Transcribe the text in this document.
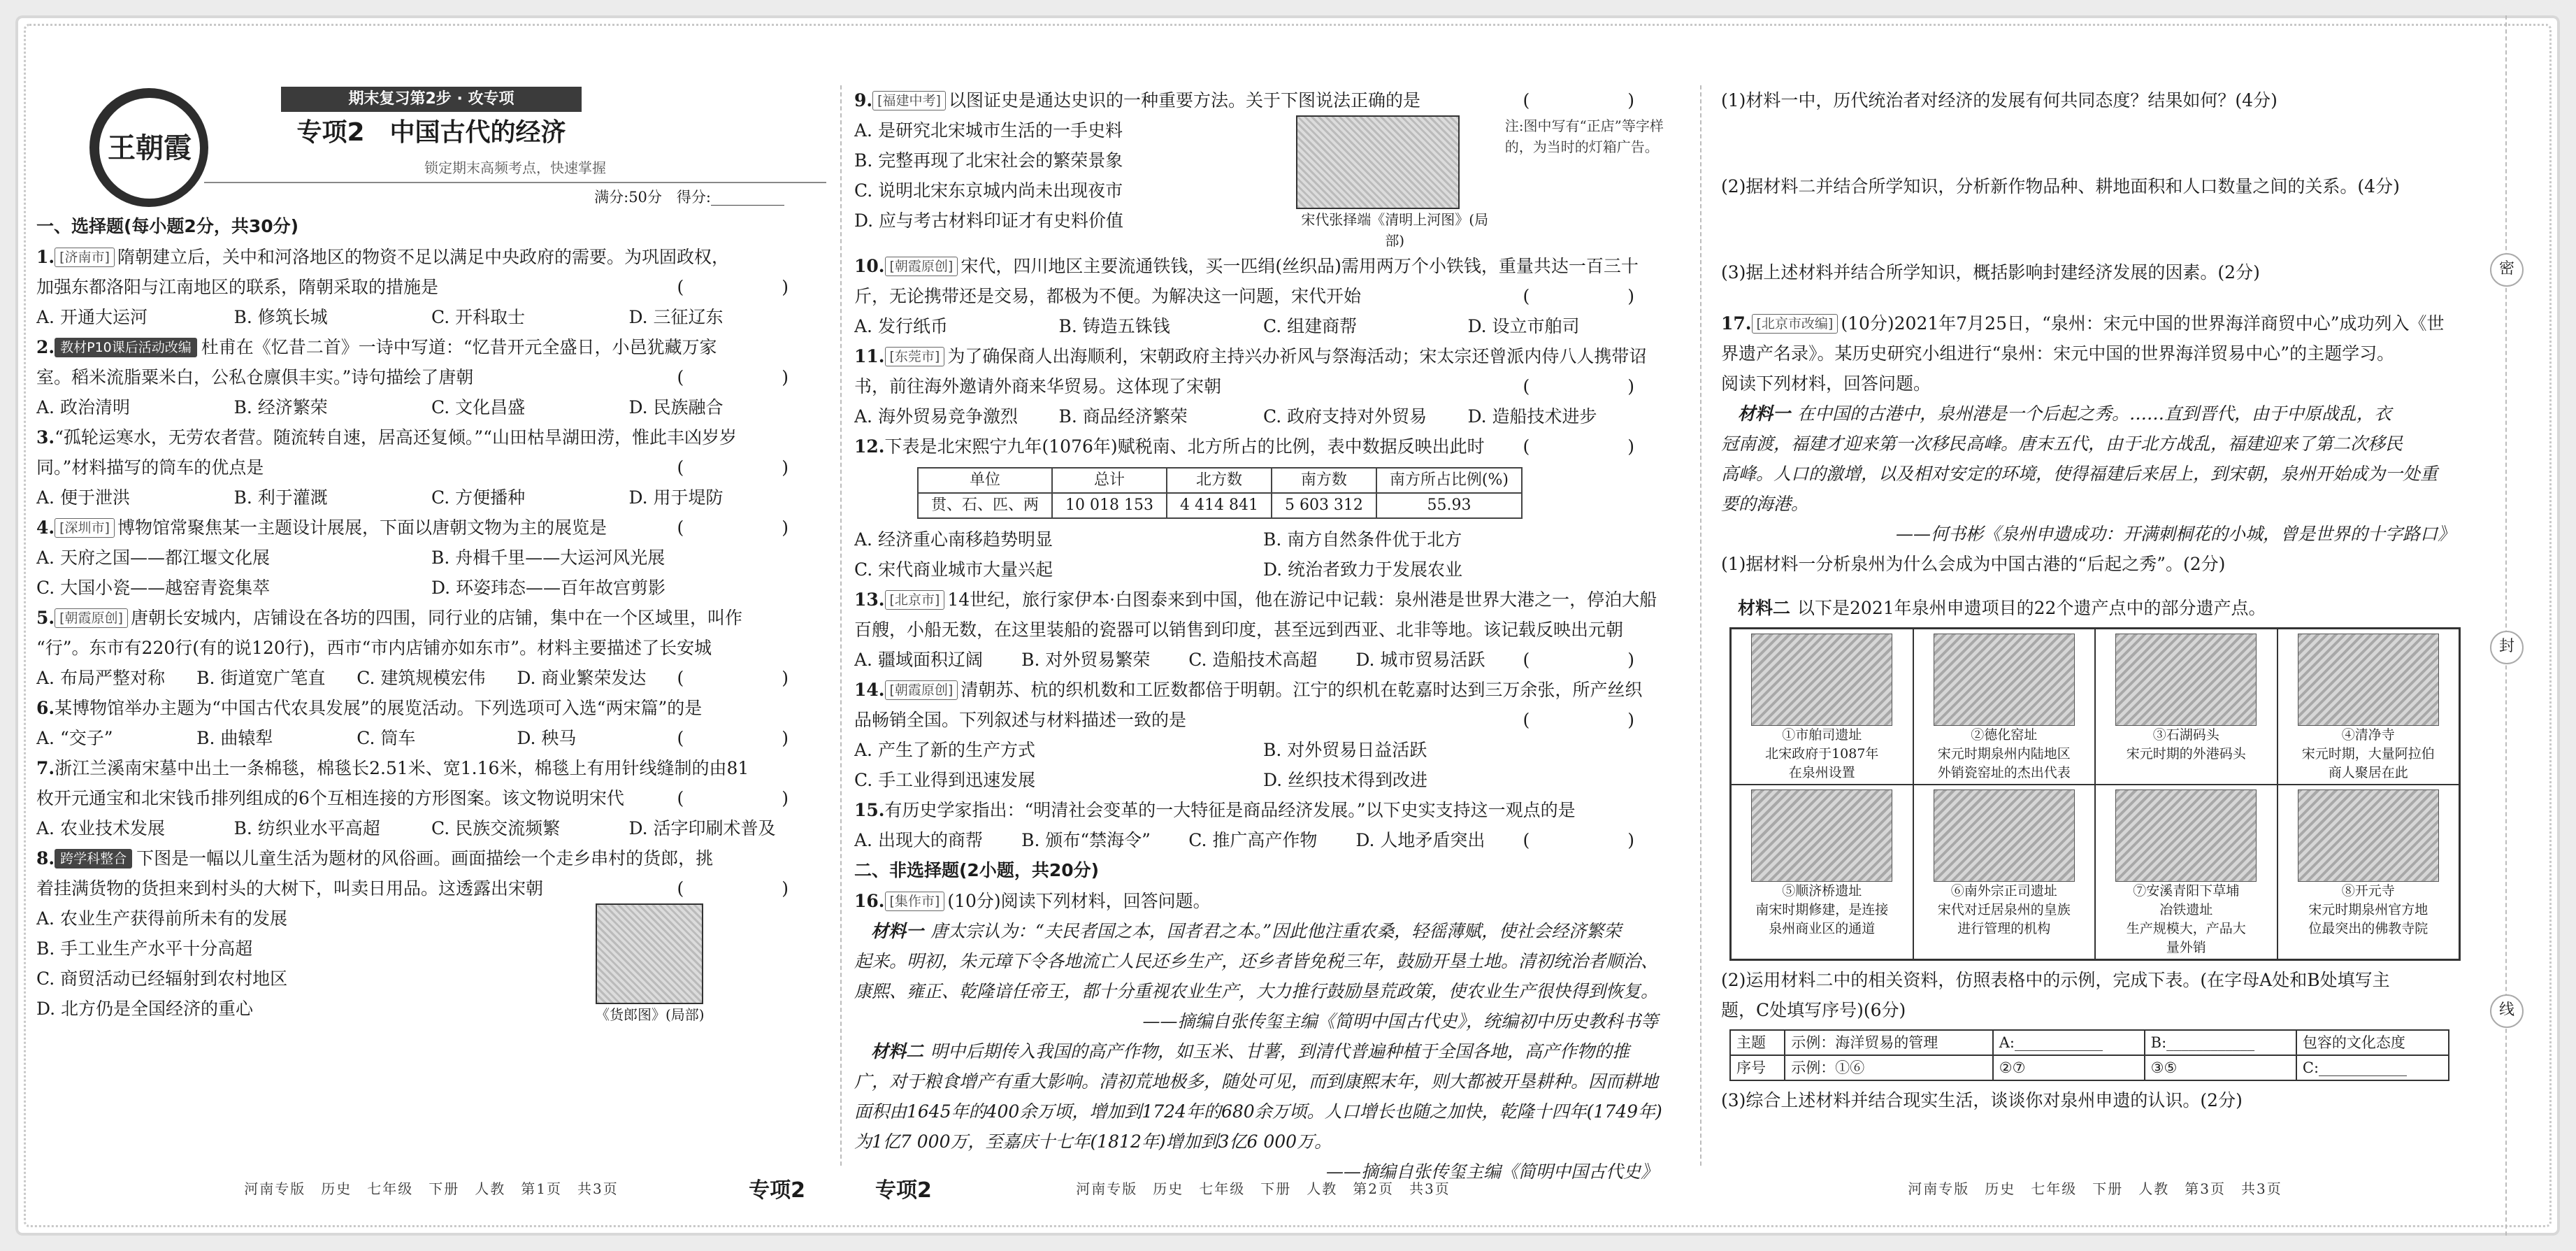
王朝霞
期末复习第2步 · 攻专项
专项2　中国古代的经济
锁定期末高频考点，快速掌握
满分:50分　得分:__________
一、选择题(每小题2分，共30分)
1. [济南市] 隋朝建立后，关中和河洛地区的物资不足以满足中央政府的需要。为巩固政权，
加强东都洛阳与江南地区的联系，隋朝采取的措施是	(　　)
A. 开通大运河	B. 修筑长城	C. 开科取士	D. 三征辽东
2. 教材P10课后活动改编 杜甫在《忆昔二首》一诗中写道：“忆昔开元全盛日，小邑犹藏万家
室。稻米流脂粟米白，公私仓廪俱丰实。”诗句描绘了唐朝	(　　)
A. 政治清明	B. 经济繁荣	C. 文化昌盛	D. 民族融合
3.“孤轮运寒水，无劳农者营。随流转自速，居高还复倾。”“山田枯旱湖田涝，惟此丰凶岁岁
同。”材料描写的筒车的优点是	(　　)
A. 便于泄洪	B. 利于灌溉	C. 方便播种	D. 用于堤防
4. [深圳市] 博物馆常聚焦某一主题设计展展，下面以唐朝文物为主的展览是	(　　)
A. 天府之国——都江堰文化展	B. 舟楫千里——大运河风光展
C. 大国小瓷——越窑青瓷集萃	D. 环姿玮态——百年故宫剪影
5. [朝霞原创] 唐朝长安城内，店铺设在各坊的四围，同行业的店铺，集中在一个区域里，叫作
“行”。东市有220行(有的说120行)，西市“市内店铺亦如东市”。材料主要描述了长安城
(　　)
A. 布局严整对称	B. 街道宽广笔直	C. 建筑规模宏伟	D. 商业繁荣发达
6.某博物馆举办主题为“中国古代农具发展”的展览活动。下列选项可入选“两宋篇”的是
(　　)
A. “交子”	B. 曲辕犁	C. 筒车	D. 秧马
7.浙江兰溪南宋墓中出土一条棉毯，棉毯长2.51米、宽1.16米，棉毯上有用针线缝制的由81
枚开元通宝和北宋钱币排列组成的6个互相连接的方形图案。该文物说明宋代	(　　)
A. 农业技术发展	B. 纺织业水平高超	C. 民族交流频繁	D. 活字印刷术普及
8. 跨学科整合 下图是一幅以儿童生活为题材的风俗画。画面描绘一个走乡串村的货郎，挑
着挂满货物的货担来到村头的大树下，叫卖日用品。这透露出宋朝	(　　)
A. 农业生产获得前所未有的发展
B. 手工业生产水平十分高超
C. 商贸活动已经辐射到农村地区
D. 北方仍是全国经济的重心	《货郎图》(局部)
河南专版　历史　七年级　下册　人教　第1页　共3页	专项2
9. [福建中考] 以图证史是通达史识的一种重要方法。关于下图说法正确的是	(　　)
A. 是研究北宋城市生活的一手史料
B. 完整再现了北宋社会的繁荣景象
C. 说明北宋东京城内尚未出现夜市
D. 应与考古材料印证才有史料价值	宋代张择端《清明上河图》(局部)
注:图中写有“正店”等字样的，为当时的灯箱广告。
10. [朝霞原创] 宋代，四川地区主要流通铁钱，买一匹绢(丝织品)需用两万个小铁钱，重量共达一百三十
斤，无论携带还是交易，都极为不便。为解决这一问题，宋代开始	(　　)
A. 发行纸币	B. 铸造五铢钱	C. 组建商帮	D. 设立市舶司
11. [东莞市] 为了确保商人出海顺利，宋朝政府主持兴办祈风与祭海活动；宋太宗还曾派内侍八人携带诏
书，前往海外邀请外商来华贸易。这体现了宋朝	(　　)
A. 海外贸易竞争激烈	B. 商品经济繁荣	C. 政府支持对外贸易	D. 造船技术进步
12.下表是北宋熙宁九年(1076年)赋税南、北方所占的比例，表中数据反映出此时 (　　)
单位	总计	北方数	南方数	南方所占比例(%)
贯、石、匹、两	10 018 153	4 414 841	5 603 312	55.93
A. 经济重心南移趋势明显	B. 南方自然条件优于北方
C. 宋代商业城市大量兴起	D. 统治者致力于发展农业
13. [北京市] 14世纪，旅行家伊本·白图泰来到中国，他在游记中记载：泉州港是世界大港之一，停泊大船
百艘，小船无数，在这里装船的瓷器可以销售到印度，甚至远到西亚、北非等地。该记载反映出元朝
(　　)
A. 疆域面积辽阔	B. 对外贸易繁荣	C. 造船技术高超	D. 城市贸易活跃
14. [朝霞原创] 清朝苏、杭的织机数和工匠数都倍于明朝。江宁的织机在乾嘉时达到三万余张，所产丝织
品畅销全国。下列叙述与材料描述一致的是	(　　)
A. 产生了新的生产方式	B. 对外贸易日益活跃
C. 手工业得到迅速发展	D. 丝织技术得到改进
15.有历史学家指出：“明清社会变革的一大特征是商品经济发展。”以下史实支持这一观点的是
(　　)
A. 出现大的商帮	B. 颁布“禁海令”	C. 推广高产作物	D. 人地矛盾突出
二、非选择题(2小题，共20分)
16. [集作市] (10分)阅读下列材料，回答问题。
材料一 唐太宗认为：“夫民者国之本，国者君之本。”因此他注重农桑，轻徭薄赋，使社会经济繁荣
起来。明初，朱元璋下令各地流亡人民还乡生产，还乡者皆免税三年，鼓励开垦土地。清初统治者顺治、
康熙、雍正、乾隆谙任帝王，都十分重视农业生产，大力推行鼓励垦荒政策，使农业生产很快得到恢复。
——摘编自张传玺主编《简明中国古代史》，统编初中历史教科书等
材料二 明中后期传入我国的高产作物，如玉米、甘薯，到清代普遍种植于全国各地，高产作物的推
广，对于粮食增产有重大影响。清初荒地极多，随处可见，而到康熙末年，则大都被开垦耕种。因而耕地
面积由1645年的400余万顷，增加到1724年的680余万顷。人口增长也随之加快，乾隆十四年(1749年)
为1亿7 000万，至嘉庆十七年(1812年)增加到3亿6 000万。
——摘编自张传玺主编《简明中国古代史》
河南专版　历史　七年级　下册　人教　第2页　共3页
专项2
(1)材料一中，历代统治者对经济的发展有何共同态度？结果如何？(4分)
(2)据材料二并结合所学知识，分析新作物品种、耕地面积和人口数量之间的关系。(4分)
(3)据上述材料并结合所学知识，概括影响封建经济发展的因素。(2分)
17. [北京市改编] (10分)2021年7月25日，“泉州：宋元中国的世界海洋商贸中心”成功列入《世
界遗产名录》。某历史研究小组进行“泉州：宋元中国的世界海洋贸易中心”的主题学习。
阅读下列材料，回答问题。
材料一 在中国的古港中，泉州港是一个后起之秀。……直到晋代，由于中原战乱，衣
冠南渡，福建才迎来第一次移民高峰。唐末五代，由于北方战乱，福建迎来了第二次移民
高峰。人口的激增，以及相对安定的环境，使得福建后来居上，到宋朝，泉州开始成为一处重
要的海港。
——何书彬《泉州申遗成功：开满刺桐花的小城，曾是世界的十字路口》
(1)据材料一分析泉州为什么会成为中国古港的“后起之秀”。(2分)
材料二 以下是2021年泉州申遗项目的22个遗产点中的部分遗产点。
①市舶司遗址
北宋政府于1087年
在泉州设置
②德化窑址
宋元时期泉州内陆地区
外销瓷窑址的杰出代表
③石湖码头
宋元时期的外港码头
④清净寺
宋元时期，大量阿拉伯
商人聚居在此
⑤顺济桥遗址
南宋时期修建，是连接
泉州商业区的通道
⑥南外宗正司遗址
宋代对迁居泉州的皇族
进行管理的机构
⑦安溪青阳下草埔
冶铁遗址
生产规模大，产品大
量外销
⑧开元寺
宋元时期泉州官方地
位最突出的佛教寺院
(2)运用材料二中的相关资料，仿照表格中的示例，完成下表。(在字母A处和B处填写主
题，C处填写序号)(6分)
主题	示例：海洋贸易的管理	A:____________	B:____________	包容的文化态度
序号	示例：①⑥	②⑦	③⑤	C:____________
(3)综合上述材料并结合现实生活，谈谈你对泉州申遗的认识。(2分)
河南专版　历史　七年级　下册　人教　第3页　共3页
密
封
线
